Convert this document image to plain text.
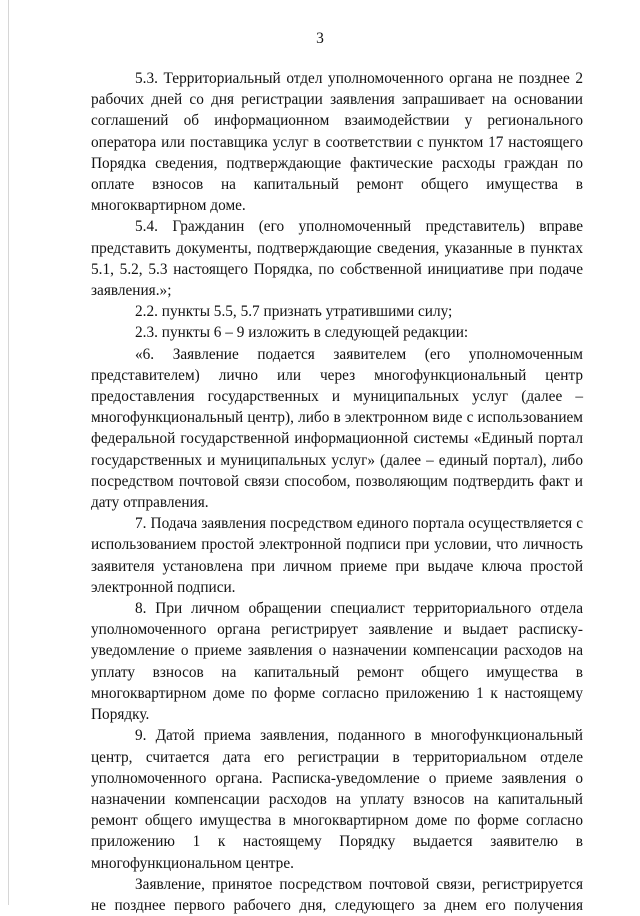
3

5.3. Территориальный отдел уполномоченного органа не позднее 2 рабочих дней со дня регистрации заявления запрашивает на основании соглашений об информационном взаимодействии у регионального оператора или поставщика услуг в соответствии с пунктом 17 настоящего Порядка сведения, подтверждающие фактические расходы граждан по оплате взносов на капитальный ремонт общего имущества в многоквартирном доме.

5.4. Гражданин (его уполномоченный представитель) вправе представить документы, подтверждающие сведения, указанные в пунктах 5.1, 5.2, 5.3 настоящего Порядка, по собственной инициативе при подаче заявления.»;

2.2. пункты 5.5, 5.7 признать утратившими силу;

2.3. пункты 6 – 9 изложить в следующей редакции:

«6. Заявление подается заявителем (его уполномоченным представителем) лично или через многофункциональный центр предоставления государственных и муниципальных услуг (далее – многофункциональный центр), либо в электронном виде с использованием федеральной государственной информационной системы «Единый портал государственных и муниципальных услуг» (далее – единый портал), либо посредством почтовой связи способом, позволяющим подтвердить факт и дату отправления.

7. Подача заявления посредством единого портала осуществляется с использованием простой электронной подписи при условии, что личность заявителя установлена при личном приеме при выдаче ключа простой электронной подписи.

8. При личном обращении специалист территориального отдела уполномоченного органа регистрирует заявление и выдает расписку-уведомление о приеме заявления о назначении компенсации расходов на уплату взносов на капитальный ремонт общего имущества в многоквартирном доме по форме согласно приложению 1 к настоящему Порядку.

9. Датой приема заявления, поданного в многофункциональный центр, считается дата его регистрации в территориальном отделе уполномоченного органа. Расписка-уведомление о приеме заявления о назначении компенсации расходов на уплату взносов на капитальный ремонт общего имущества в многоквартирном доме по форме согласно приложению 1 к настоящему Порядку выдается заявителю в многофункциональном центре.

Заявление, принятое посредством почтовой связи, регистрируется не позднее первого рабочего дня, следующего за днем его получения
